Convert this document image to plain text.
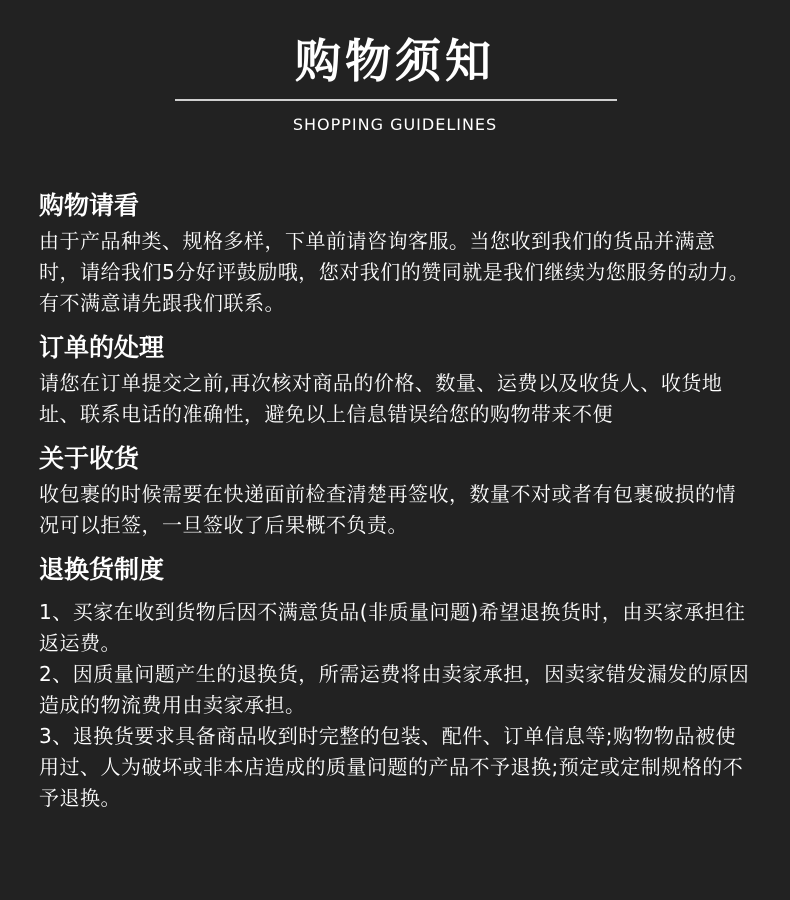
购物须知
SHOPPING GUIDELINES
购物请看
由于产品种类、规格多样，下单前请咨询客服。当您收到我们的货品并满意时，请给我们5分好评鼓励哦，您对我们的赞同就是我们继续为您服务的动力。有不满意请先跟我们联系。
订单的处理
请您在订单提交之前,再次核对商品的价格、数量、运费以及收货人、收货地址、联系电话的准确性，避免以上信息错误给您的购物带来不便
关于收货
收包裹的时候需要在快递面前检查清楚再签收，数量不对或者有包裹破损的情况可以拒签，一旦签收了后果概不负责。
退换货制度
1、买家在收到货物后因不满意货品(非质量问题)希望退换货时，由买家承担往返运费。
2、因质量问题产生的退换货，所需运费将由卖家承担，因卖家错发漏发的原因造成的物流费用由卖家承担。
3、退换货要求具备商品收到时完整的包装、配件、订单信息等;购物物品被使用过、人为破坏或非本店造成的质量问题的产品不予退换;预定或定制规格的不予退换。
